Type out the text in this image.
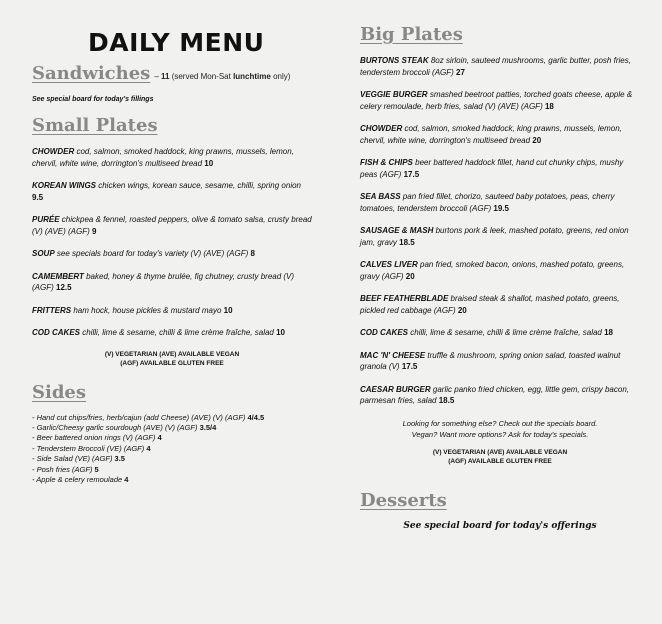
DAILY MENU
Sandwiches – 11 (served Mon-Sat lunchtime only)
See special board for today's fillings
Small Plates
CHOWDER cod, salmon, smoked haddock, king prawns, mussels, lemon, chervil, white wine, dorrington's multiseed bread 10
KOREAN WINGS chicken wings, korean sauce, sesame, chilli, spring onion 9.5
PURÉE chickpea & fennel, roasted peppers, olive & tomato salsa, crusty bread (V) (AVE) (AGF) 9
SOUP see specials board for today's variety (V) (AVE) (AGF) 8
CAMEMBERT baked, honey & thyme brulée, fig chutney, crusty bread (V) (AGF) 12.5
FRITTERS ham hock, house pickles & mustard mayo 10
COD CAKES chilli, lime & sesame, chilli & lime crème fraîche, salad 10
(V) VEGETARIAN (AVE) AVAILABLE VEGAN
(AGF) AVAILABLE GLUTEN FREE
Sides
- Hand cut chips/fries, herb/cajun (add Cheese) (AVE) (V) (AGF) 4/4.5
- Garlic/Cheesy garlic sourdough (AVE) (V) (AGF) 3.5/4
- Beer battered onion rings (V) (AGF) 4
- Tenderstem Broccoli (VE) (AGF) 4
- Side Salad (VE) (AGF) 3.5
- Posh fries (AGF) 5
- Apple & celery remoulade 4
Big Plates
BURTONS STEAK 8oz sirloin, sauteed mushrooms, garlic butter, posh fries, tenderstem broccoli (AGF) 27
VEGGIE BURGER smashed beetroot patties, torched goats cheese, apple & celery remoulade, herb fries, salad (V) (AVE) (AGF) 18
CHOWDER cod, salmon, smoked haddock, king prawns, mussels, lemon, chervil, white wine, dorrington's multiseed bread 20
FISH & CHIPS beer battered haddock fillet, hand cut chunky chips, mushy peas (AGF) 17.5
SEA BASS pan fried fillet, chorizo, sauteed baby potatoes, peas, cherry tomatoes, tenderstem broccoli (AGF) 19.5
SAUSAGE & MASH burtons pork & leek, mashed potato, greens, red onion jam, gravy 18.5
CALVES LIVER pan fried, smoked bacon, onions, mashed potato, greens, gravy (AGF) 20
BEEF FEATHERBLADE braised steak & shallot, mashed potato, greens, pickled red cabbage (AGF) 20
COD CAKES chilli, lime & sesame, chilli & lime crème fraîche, salad 18
MAC 'N' CHEESE truffle & mushroom, spring onion salad, toasted walnut granola (V) 17.5
CAESAR BURGER garlic panko fried chicken, egg, little gem, crispy bacon, parmesan fries, salad 18.5
Looking for something else? Check out the specials board.
Vegan? Want more options? Ask for today's specials.
(V) VEGETARIAN (AVE) AVAILABLE VEGAN
(AGF) AVAILABLE GLUTEN FREE
Desserts
See special board for today's offerings
